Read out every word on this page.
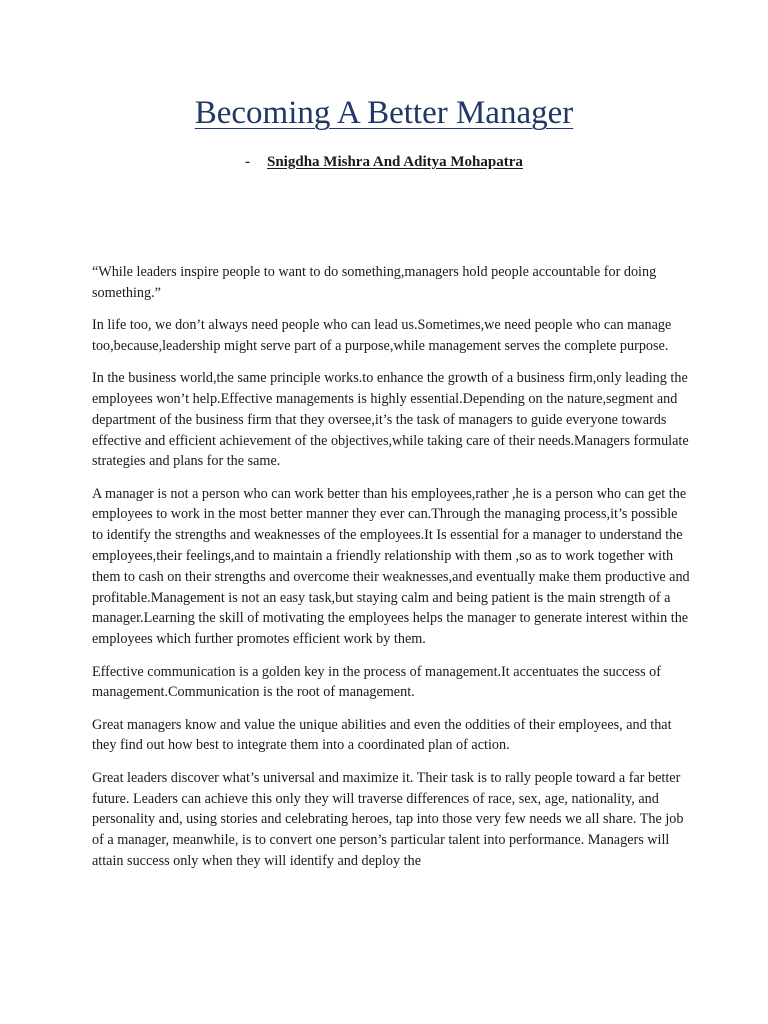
Becoming A Better Manager
- Snigdha Mishra And Aditya Mohapatra

“While leaders inspire people to want to do something,managers hold people accountable for doing something.”

In life too, we don’t always need people who can lead us.Sometimes,we need people who can manage too,because,leadership might serve part of a purpose,while management serves the complete purpose.

In the business world,the same principle works.to enhance the growth of a business firm,only leading the employees won’t help.Effective managements is highly essential.Depending on the nature,segment and department of the business firm that they oversee,it’s the task of managers to guide everyone towards effective and efficient achievement of the objectives,while taking care of their needs.Managers formulate strategies and plans for the same.

A manager is not a person who can work better than his employees,rather ,he is a person who can get the employees to work in the most better manner they ever can.Through the managing process,it’s possible to identify the strengths and weaknesses of the employees.It Is essential for a manager to understand the employees,their feelings,and to maintain a friendly relationship with them ,so as to work together with them to cash on their strengths and overcome their weaknesses,and eventually make them productive and profitable.Management is not an easy task,but staying calm and being patient is the main strength of a manager.Learning the skill of motivating the employees helps the manager to generate interest within the employees which further promotes efficient work by them.

Effective communication is a golden key in the process of management.It accentuates the success of management.Communication is the root of management.

Great managers know and value the unique abilities and even the oddities of their employees, and that they find out how best to integrate them into a coordinated plan of action.

Great leaders discover what’s universal and maximize it. Their task is to rally people toward a far better future. Leaders can achieve this only they will traverse differences of race, sex, age, nationality, and personality and, using stories and celebrating heroes, tap into those very few needs we all share. The job of a manager, meanwhile, is to convert one person’s particular talent into performance. Managers will attain success only when they will identify and deploy the
